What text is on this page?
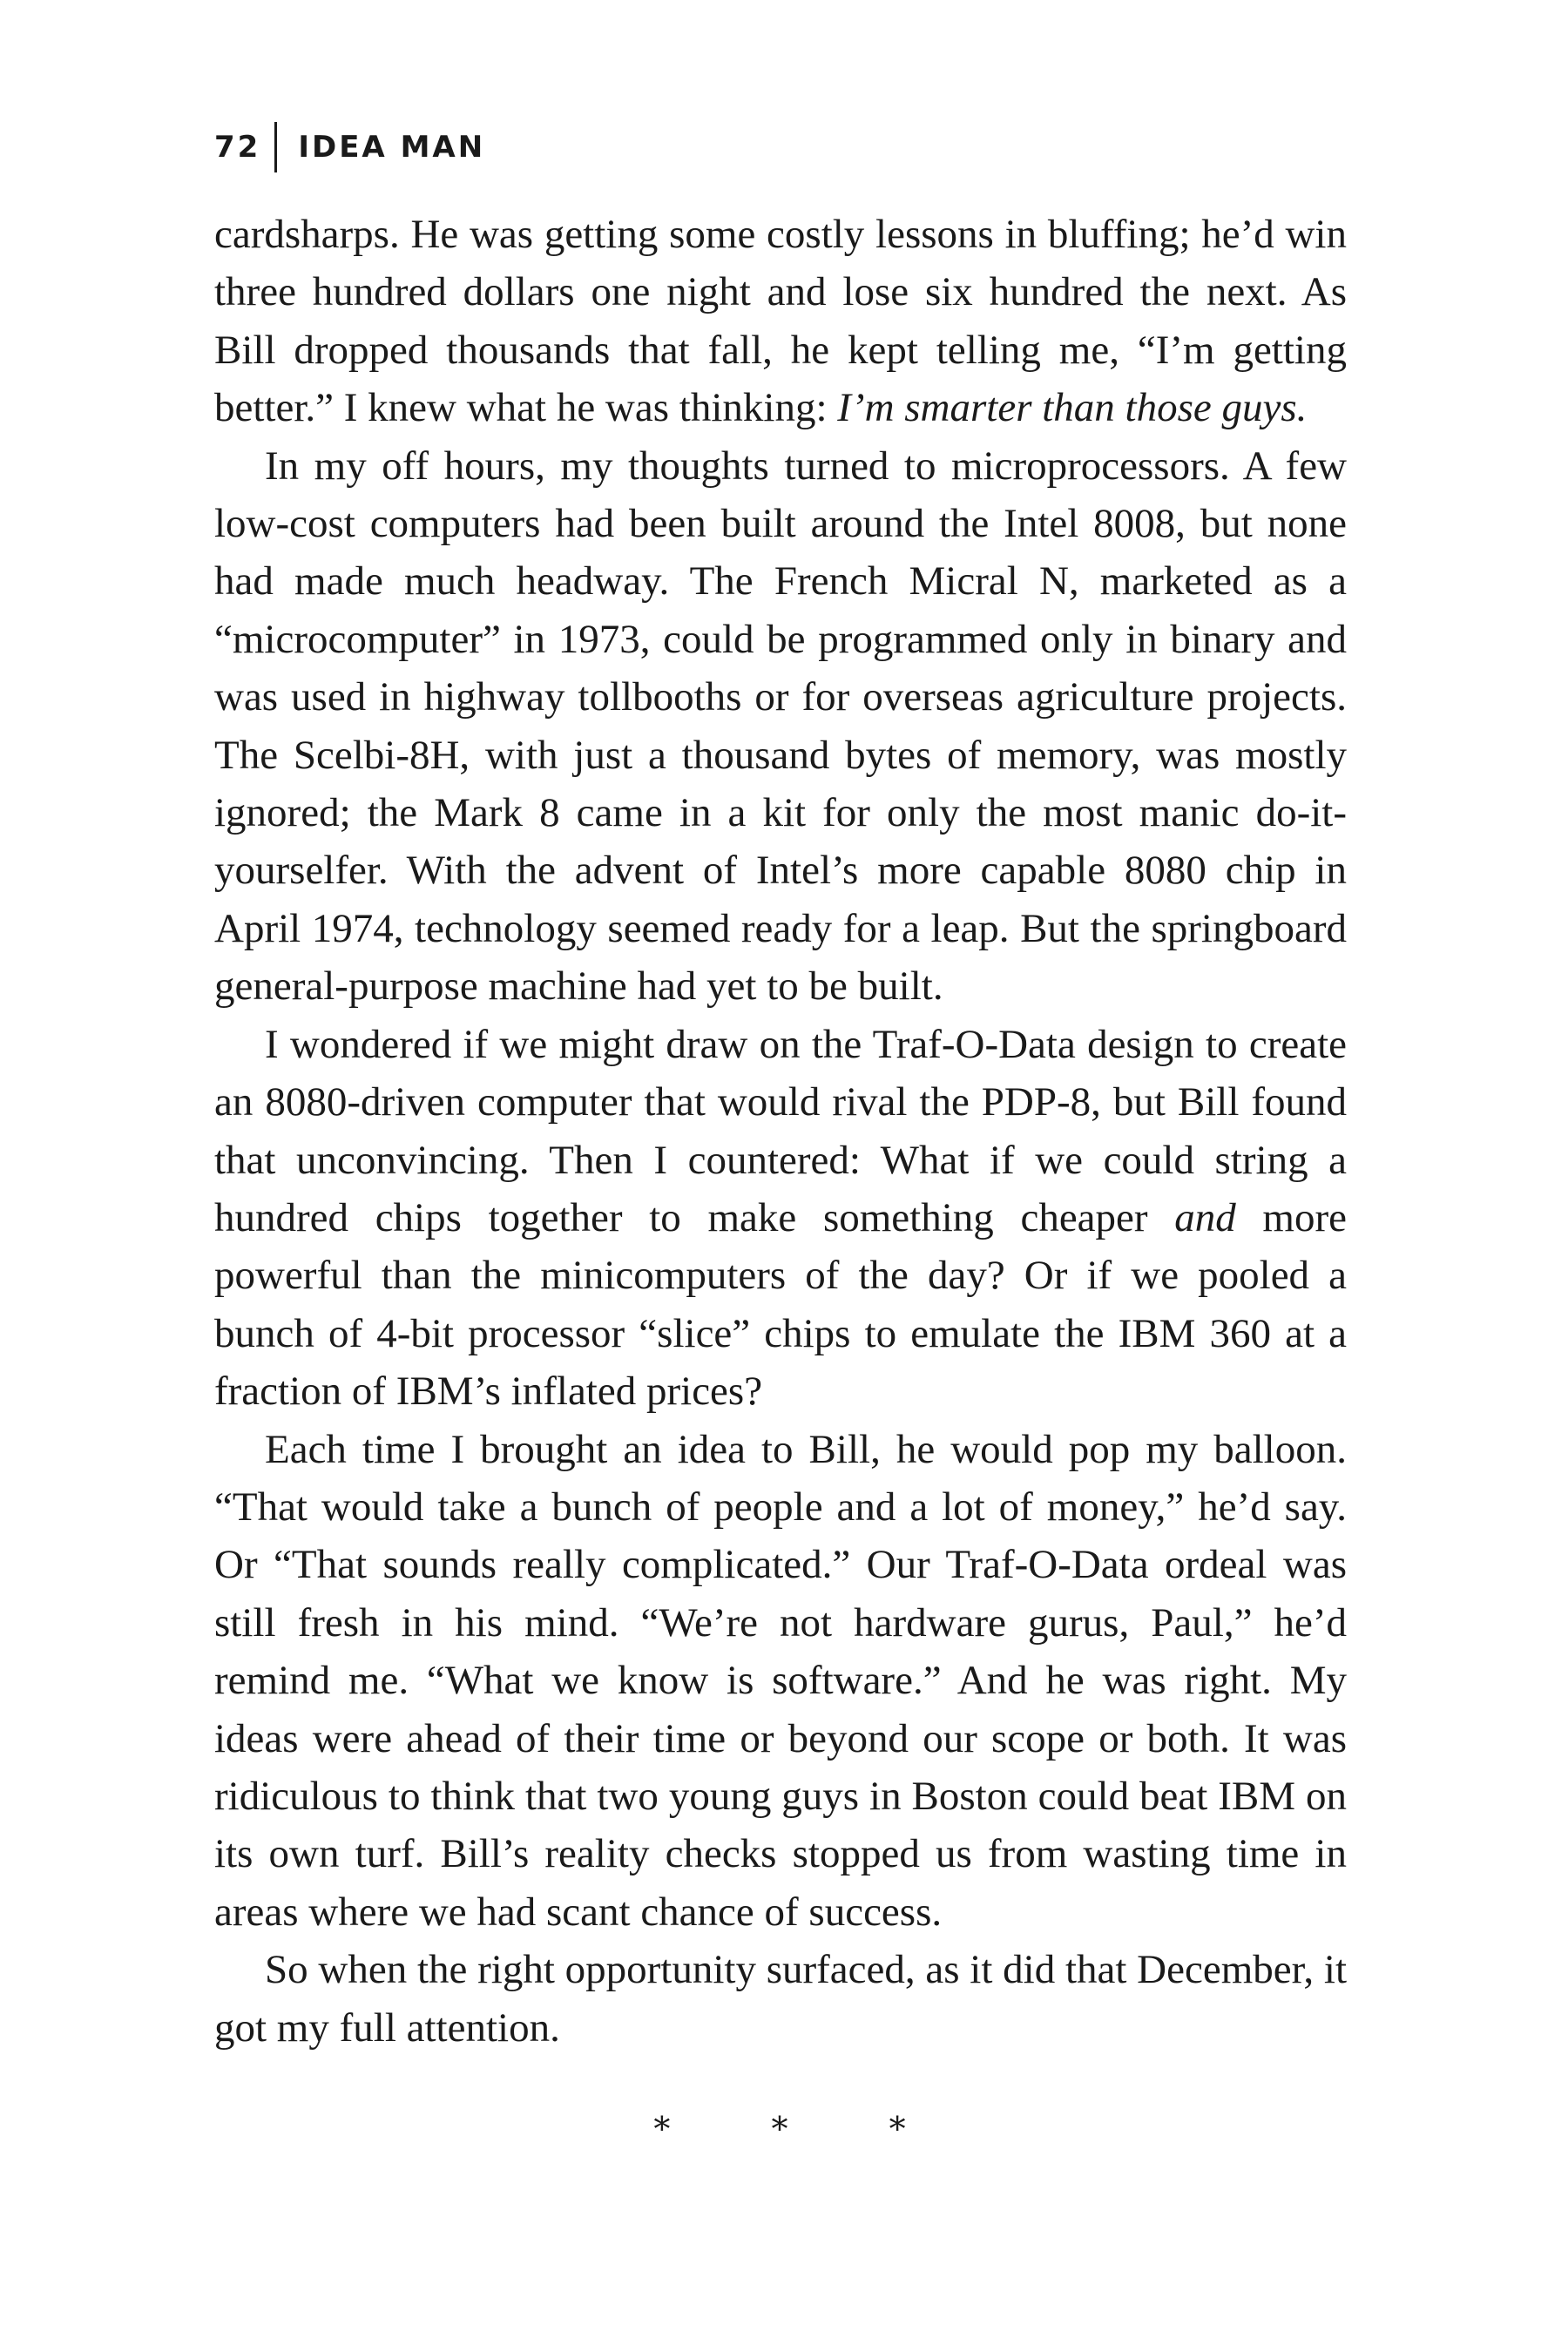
72 IDEA MAN

cardsharps. He was getting some costly lessons in bluffing; he’d win three hundred dollars one night and lose six hundred the next. As Bill dropped thousands that fall, he kept telling me, “I’m getting better.” I knew what he was thinking: I’m smarter than those guys.

In my off hours, my thoughts turned to microprocessors. A few low-cost computers had been built around the Intel 8008, but none had made much headway. The French Micral N, marketed as a “microcomputer” in 1973, could be programmed only in binary and was used in highway tollbooths or for overseas agriculture projects. The Scelbi-8H, with just a thousand bytes of memory, was mostly ignored; the Mark 8 came in a kit for only the most manic do-it-yourselfer. With the advent of Intel’s more capable 8080 chip in April 1974, technology seemed ready for a leap. But the springboard general-purpose machine had yet to be built.

I wondered if we might draw on the Traf-O-Data design to create an 8080-driven computer that would rival the PDP-8, but Bill found that unconvincing. Then I countered: What if we could string a hundred chips together to make something cheaper and more powerful than the minicomputers of the day? Or if we pooled a bunch of 4-bit processor “slice” chips to emulate the IBM 360 at a fraction of IBM’s inflated prices?

Each time I brought an idea to Bill, he would pop my balloon. “That would take a bunch of people and a lot of money,” he’d say. Or “That sounds really complicated.” Our Traf-O-Data ordeal was still fresh in his mind. “We’re not hardware gurus, Paul,” he’d remind me. “What we know is software.” And he was right. My ideas were ahead of their time or beyond our scope or both. It was ridiculous to think that two young guys in Boston could beat IBM on its own turf. Bill’s reality checks stopped us from wasting time in areas where we had scant chance of success.

So when the right opportunity surfaced, as it did that December, it got my full attention.

*	*	*
